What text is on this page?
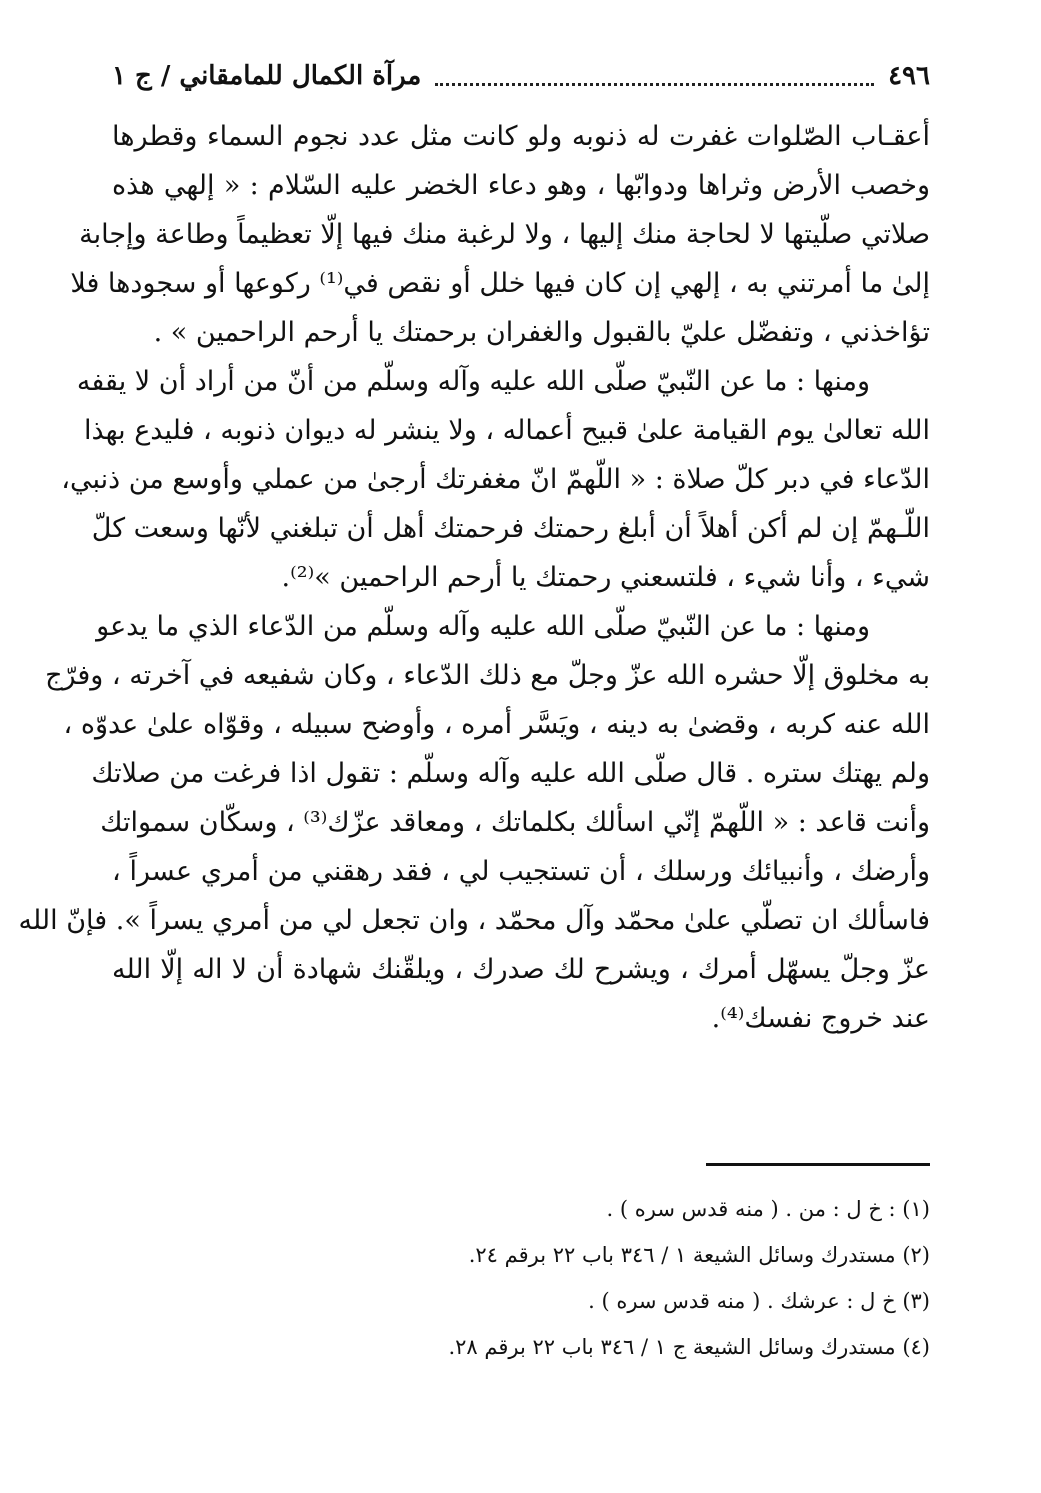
٤٩٦
مرآة الكمال للمامقاني / ج ١
أعقـاب الصّلوات غفرت له ذنوبه ولو كانت مثل عدد نجوم السماء وقطرها
وخصب الأرض وثراها ودوابّها ، وهو دعاء الخضر عليه السّلام : « إلهي هذه
صلاتي صلّيتها لا لحاجة منك إليها ، ولا لرغبة منك فيها إلّا تعظيماً وطاعة وإجابة
إلىٰ ما أمرتني به ، إلهي إن كان فيها خلل أو نقص في⁽¹⁾ ركوعها أو سجودها فلا
تؤاخذني ، وتفضّل عليّ بالقبول والغفران برحمتك يا أرحم الراحمين » .
ومنها : ما عن النّبيّ صلّى الله عليه وآله وسلّم من أنّ من أراد أن لا يقفه
الله تعالىٰ يوم القيامة علىٰ قبيح أعماله ، ولا ينشر له ديوان ذنوبه ، فليدع بهذا
الدّعاء في دبر كلّ صلاة : « اللّهمّ انّ مغفرتك أرجىٰ من عملي وأوسع من ذنبي،
اللّـهمّ إن لم أكن أهلاً أن أبلغ رحمتك فرحمتك أهل أن تبلغني لأنّها وسعت كلّ
شيء ، وأنا شيء ، فلتسعني رحمتك يا أرحم الراحمين »⁽²⁾.
ومنها : ما عن النّبيّ صلّى الله عليه وآله وسلّم من الدّعاء الذي ما يدعو
به مخلوق إلّا حشره الله عزّ وجلّ مع ذلك الدّعاء ، وكان شفيعه في آخرته ، وفرّج
الله عنه كربه ، وقضىٰ به دينه ، ويَسَّر أمره ، وأوضح سبيله ، وقوّاه علىٰ عدوّه ،
ولم يهتك ستره . قال صلّى الله عليه وآله وسلّم : تقول اذا فرغت من صلاتك
وأنت قاعد : « اللّهمّ إنّي اسألك بكلماتك ، ومعاقد عزّك⁽³⁾ ، وسكّان سمواتك
وأرضك ، وأنبيائك ورسلك ، أن تستجيب لي ، فقد رهقني من أمري عسراً ،
فاسألك ان تصلّي علىٰ محمّد وآل محمّد ، وان تجعل لي من أمري يسراً ». فإنّ الله
عزّ وجلّ يسهّل أمرك ، ويشرح لك صدرك ، ويلقّنك شهادة أن لا اله إلّا الله
عند خروج نفسك⁽⁴⁾.
(١) : خ ل : من . ( منه قدس سره ) .
(٢) مستدرك وسائل الشيعة ١ / ٣٤٦ باب ٢٢ برقم ٢٤.
(٣) خ ل : عرشك . ( منه قدس سره ) .
(٤) مستدرك وسائل الشيعة ج ١ / ٣٤٦ باب ٢٢ برقم ٢٨.
